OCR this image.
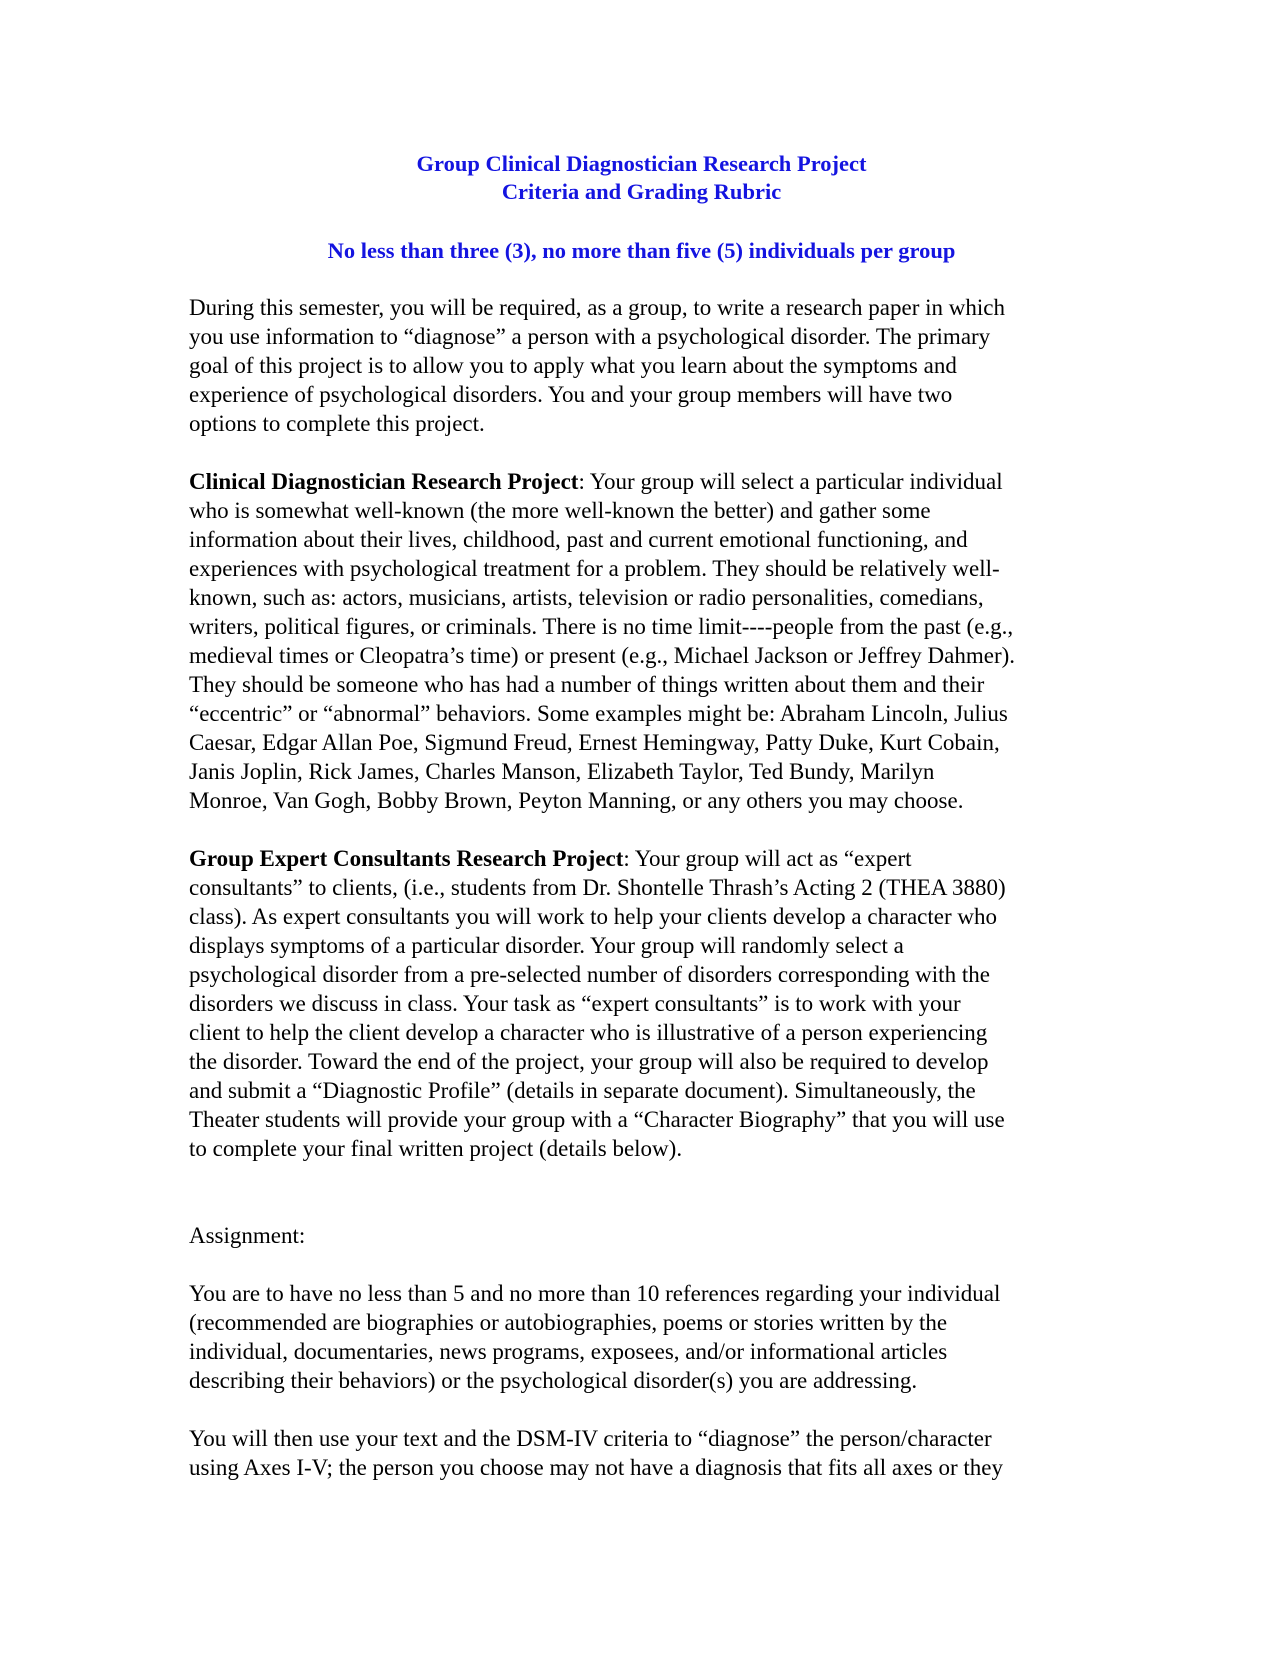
Group Clinical Diagnostician Research Project
Criteria and Grading Rubric

No less than three (3), no more than five (5) individuals per group

During this semester, you will be required, as a group, to write a research paper in which
you use information to “diagnose” a person with a psychological disorder. The primary
goal of this project is to allow you to apply what you learn about the symptoms and
experience of psychological disorders. You and your group members will have two
options to complete this project.
Clinical Diagnostician Research Project: Your group will select a particular individual
who is somewhat well-known (the more well-known the better) and gather some
information about their lives, childhood, past and current emotional functioning, and
experiences with psychological treatment for a problem. They should be relatively well-
known, such as: actors, musicians, artists, television or radio personalities, comedians,
writers, political figures, or criminals. There is no time limit----people from the past (e.g.,
medieval times or Cleopatra’s time) or present (e.g., Michael Jackson or Jeffrey Dahmer).
They should be someone who has had a number of things written about them and their
“eccentric” or “abnormal” behaviors. Some examples might be: Abraham Lincoln, Julius
Caesar, Edgar Allan Poe, Sigmund Freud, Ernest Hemingway, Patty Duke, Kurt Cobain,
Janis Joplin, Rick James, Charles Manson, Elizabeth Taylor, Ted Bundy, Marilyn
Monroe, Van Gogh, Bobby Brown, Peyton Manning, or any others you may choose.
Group Expert Consultants Research Project: Your group will act as “expert
consultants” to clients, (i.e., students from Dr. Shontelle Thrash’s Acting 2 (THEA 3880)
class). As expert consultants you will work to help your clients develop a character who
displays symptoms of a particular disorder. Your group will randomly select a
psychological disorder from a pre-selected number of disorders corresponding with the
disorders we discuss in class. Your task as “expert consultants” is to work with your
client to help the client develop a character who is illustrative of a person experiencing
the disorder. Toward the end of the project, your group will also be required to develop
and submit a “Diagnostic Profile” (details in separate document). Simultaneously, the
Theater students will provide your group with a “Character Biography” that you will use
to complete your final written project (details below).
Assignment:
You are to have no less than 5 and no more than 10 references regarding your individual
(recommended are biographies or autobiographies, poems or stories written by the
individual, documentaries, news programs, exposees, and/or informational articles
describing their behaviors) or the psychological disorder(s) you are addressing.
You will then use your text and the DSM-IV criteria to “diagnose” the person/character
using Axes I-V; the person you choose may not have a diagnosis that fits all axes or they
